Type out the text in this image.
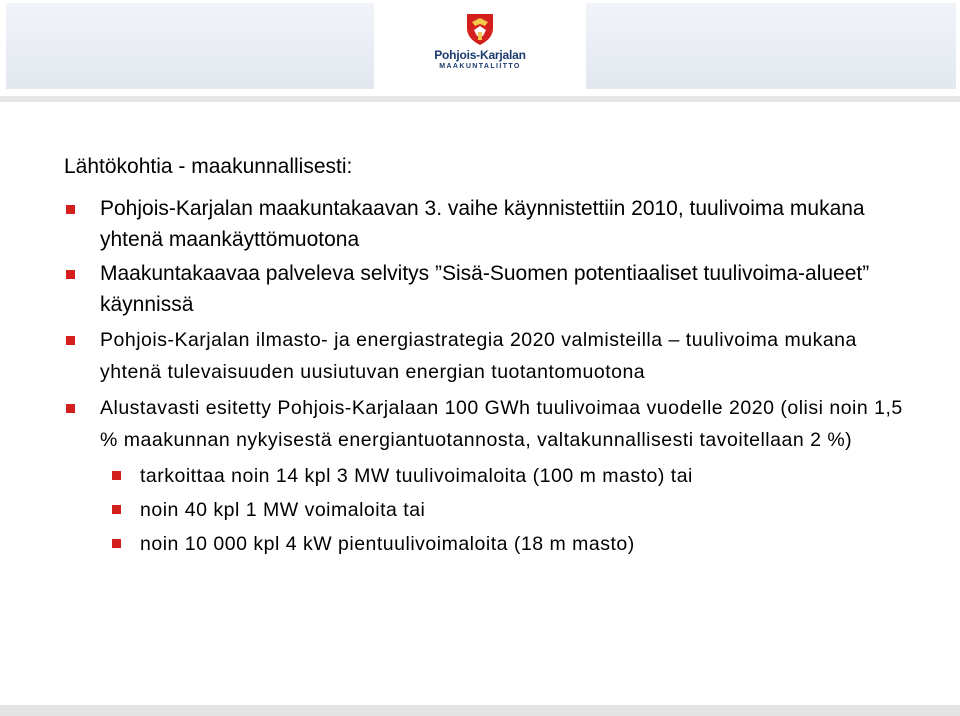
Pohjois-Karjalan
MAAKUNTALIITTO
Lähtökohtia - maakunnallisesti:
Pohjois-Karjalan maakuntakaavan 3. vaihe käynnistettiin 2010, tuulivoima mukana yhtenä maankäyttömuotona
Maakuntakaavaa palveleva selvitys ”Sisä-Suomen potentiaaliset tuulivoima-alueet” käynnissä
Pohjois-Karjalan ilmasto- ja energiastrategia 2020 valmisteilla – tuulivoima mukana yhtenä tulevaisuuden uusiutuvan energian tuotantomuotona
Alustavasti esitetty Pohjois-Karjalaan 100 GWh tuulivoimaa vuodelle 2020 (olisi noin 1,5 % maakunnan nykyisestä energiantuotannosta, valtakunnallisesti tavoitellaan 2 %)
tarkoittaa noin 14 kpl 3 MW tuulivoimaloita (100 m masto) tai
noin 40 kpl 1 MW voimaloita tai
noin 10 000 kpl 4 kW pientuulivoimaloita (18 m masto)
